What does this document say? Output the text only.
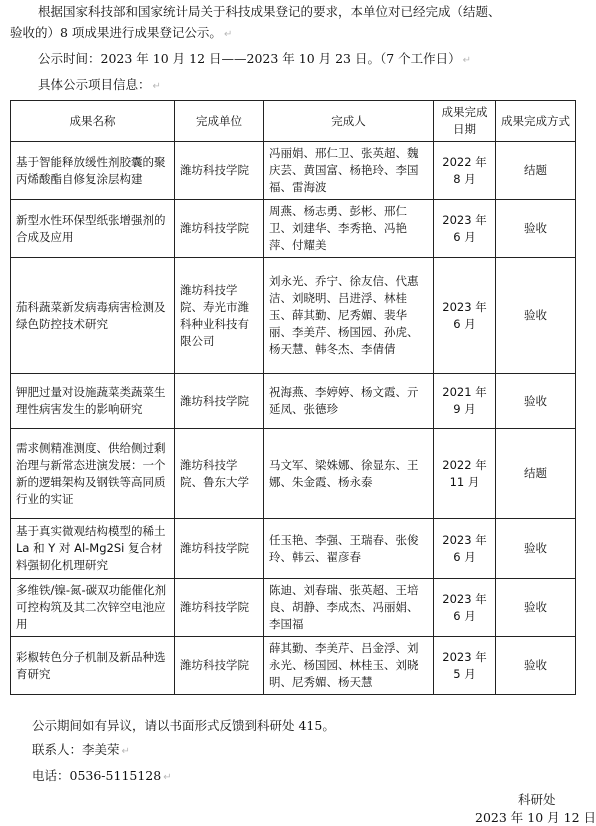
根据国家科技部和国家统计局关于科技成果登记的要求，本单位对已经完成（结题、
验收的）8 项成果进行成果登记公示。 ↵
公示时间：2023 年 10 月 12 日——2023 年 10 月 23 日。（7 个工作日） ↵
具体公示项目信息： ↵
成果名称	完成单位	完成人	成果完成日期	成果完成方式
基于智能释放缓性剂胶囊的聚丙烯酸酯自修复涂层构建	潍坊科技学院	冯丽娟、邢仁卫、张英超、魏庆芸、黄国富、杨艳玲、李国福、雷海波	2022 年 8 月	结题
新型水性环保型纸张增强剂的合成及应用	潍坊科技学院	周燕、杨志勇、彭彬、邢仁卫、刘建华、李秀艳、冯艳萍、付耀美	2023 年 6 月	验收
茄科蔬菜新发病毒病害检测及绿色防控技术研究	潍坊科技学院、寿光市潍科种业科技有限公司	刘永光、乔宁、徐友信、代惠洁、刘晓明、吕进浮、林桂玉、薛其勤、尼秀媚、裴华丽、李美芹、杨国园、孙虎、杨天慧、韩冬杰、李倩倩	2023 年 6 月	验收
钾肥过量对设施蔬菜类蔬菜生理性病害发生的影响研究	潍坊科技学院	祝海燕、李婷婷、杨文霞、亓延凤、张德珍	2021 年 9 月	验收
需求侧精准测度、供给侧过剩治理与新常态进演发展：一个新的逻辑架构及钢铁等高同质行业的实证	潍坊科技学院、鲁东大学	马文军、梁姝娜、徐显东、王娜、朱金霞、杨永泰	2022 年 11 月	结题
基于真实微观结构模型的稀土 La 和 Y 对 Al-Mg2Si 复合材料强韧化机理研究	潍坊科技学院	任玉艳、李强、王瑞春、张俊玲、韩云、翟彦春	2023 年 6 月	验收
多维铁/镍-氮-碳双功能催化剂可控构筑及其二次锌空电池应用	潍坊科技学院	陈迪、刘春瑞、张英超、王培良、胡静、李成杰、冯丽娟、李国福	2023 年 6 月	验收
彩椒转色分子机制及新品种选育研究	潍坊科技学院	薛其勤、李美芹、吕金浮、刘永光、杨国园、林桂玉、刘晓明、尼秀媚、杨天慧	2023 年 5 月	验收
公示期间如有异议，请以书面形式反馈到科研处 415。
联系人：李美荣 ↵
电话：0536-5115128 ↵
科研处
2023 年 10 月 12 日
